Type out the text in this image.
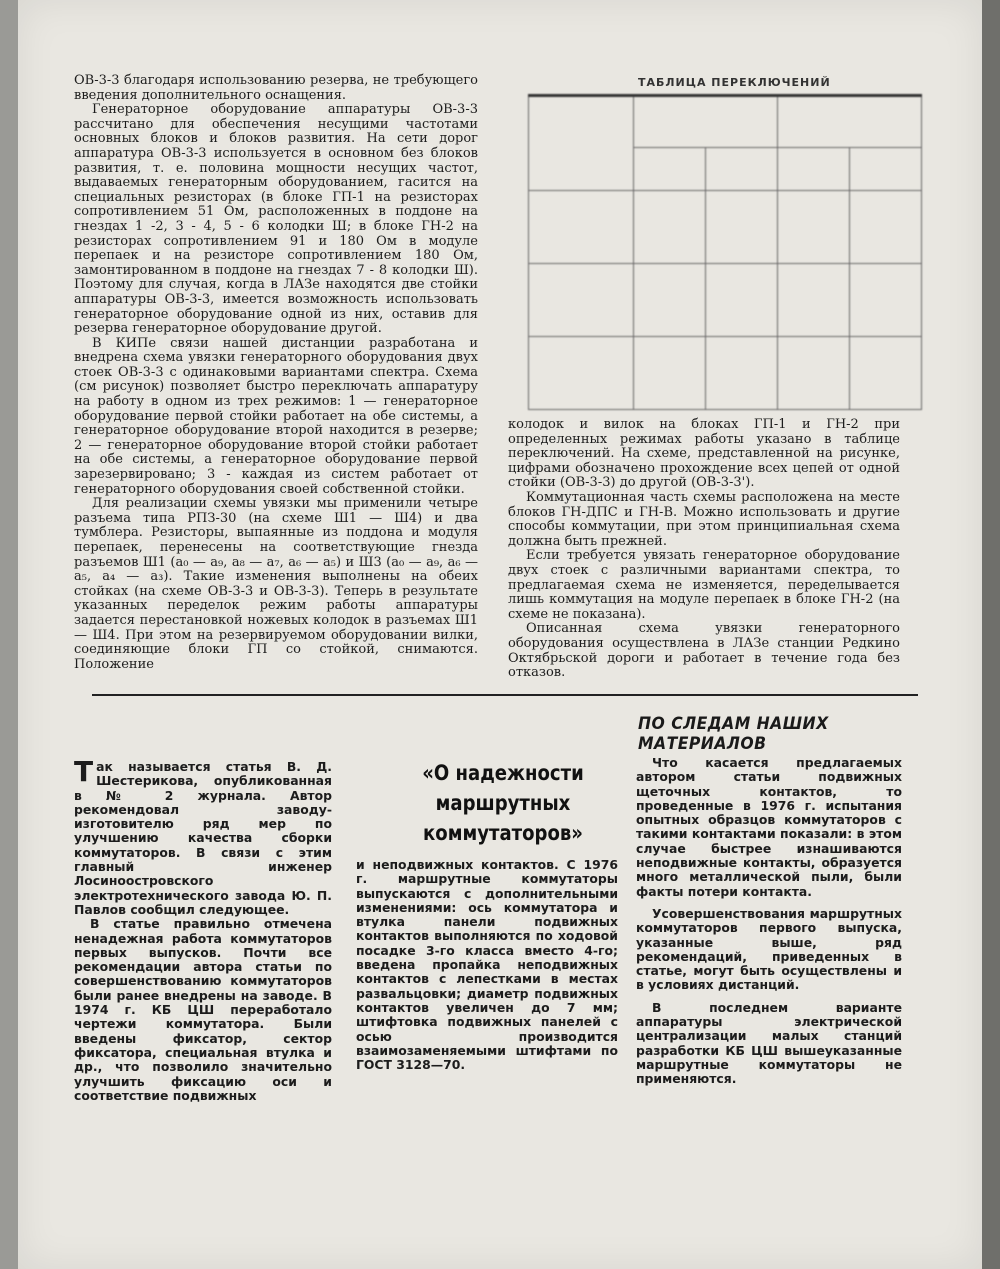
ОВ-3-3 благодаря использованию резерва, не требующего введения дополнительного оснащения.

Генераторное оборудование аппаратуры ОВ-3-3 рассчитано для обеспечения несущими частотами основных блоков и блоков развития. На сети дорог аппаратура ОВ-3-3 используется в основном без блоков развития, т. е. половина мощности несущих частот, выдаваемых генераторным оборудованием, гасится на специальных резисторах (в блоке ГП-1 на резисторах сопротивлением 51 Ом, расположенных в поддоне на гнездах 1 -2, 3 - 4, 5 - 6 колодки Ш; в блоке ГН-2 на резисторах сопротивлением 91 и 180 Ом в модуле перепаек и на резисторе сопротивлением 180 Ом, замонтированном в поддоне на гнездах 7 - 8 колодки Ш). Поэтому для случая, когда в ЛАЗе находятся две стойки аппаратуры ОВ-3-3, имеется возможность использовать генераторное оборудование одной из них, оставив для резерва генераторное оборудование другой.

В КИПе связи нашей дистанции разработана и внедрена схема увязки генераторного оборудования двух стоек ОВ-3-3 с одинаковыми вариантами спектра. Схема (см рисунок) позволяет быстро переключать аппаратуру на работу в одном из трех режимов: 1 — генераторное оборудование первой стойки работает на обе системы, а генераторное оборудование второй находится в резерве; 2 — генераторное оборудование второй стойки работает на обе системы, а генераторное оборудование первой зарезервировано; 3 - каждая из систем работает от генераторного оборудования своей собственной стойки.

Для реализации схемы увязки мы применили четыре разъема типа РПЗ-30 (на схеме Ш1 — Ш4) и два тумблера. Резисторы, выпаянные из поддона и модуля перепаек, перенесены на соответствующие гнезда разъемов Ш1 (а₀ — а₉, а₈ — а₇, а₆ — а₅) и Ш3 (а₀ — а₉, а₆ — а₅, а₄ — а₃). Такие изменения выполнены на обеих стойках (на схеме ОВ-3-3 и ОВ-3-3). Теперь в результате указанных переделок режим работы аппаратуры задается перестановкой ножевых колодок в разъемах Ш1 — Ш4. При этом на резервируемом оборудовании вилки, соединяющие блоки ГП со стойкой, снимаются. Положение

ТАБЛИЦА ПЕРЕКЛЮЧЕНИЙ

колодок и вилок на блоках ГП-1 и ГН-2 при определенных режимах работы указано в таблице переключений. На схеме, представленной на рисунке, цифрами обозначено прохождение всех цепей от одной стойки (ОВ-3-3) до другой (ОВ-3-3').

Коммутационная часть схемы расположена на месте блоков ГН-ДПС и ГН-В. Можно использовать и другие способы коммутации, при этом принципиальная схема должна быть прежней.

Если требуется увязать генераторное оборудование двух стоек с различными вариантами спектра, то предлагаемая схема не изменяется, переделывается лишь коммутация на модуле перепаек в блоке ГН-2 (на схеме не показана).

Описанная схема увязки генераторного оборудования осуществлена в ЛАЗе станции Редкино Октябрьской дороги и работает в течение года без отказов.

ПО СЛЕДАМ НАШИХ МАТЕРИАЛОВ

Так называется статья В. Д. Шестерикова, опубликованная в № 2 журнала. Автор рекомендовал заводу-изготовителю ряд мер по улучшению качества сборки коммутаторов. В связи с этим главный инженер Лосиноостровского электротехнического завода Ю. П. Павлов сообщил следующее.

В статье правильно отмечена ненадежная работа коммутаторов первых выпусков. Почти все рекомендации автора статьи по совершенствованию коммутаторов были ранее внедрены на заводе. В 1974 г. КБ ЦШ переработало чертежи коммутатора. Были введены фиксатор, сектор фиксатора, специальная втулка и др., что позволило значительно улучшить фиксацию оси и соответствие подвижных

«О надежности маршрутных коммутаторов»

и неподвижных контактов. С 1976 г. маршрутные коммутаторы выпускаются с дополнительными изменениями: ось коммутатора и втулка панели подвижных контактов выполняются по ходовой посадке 3-го класса вместо 4-го; введена пропайка неподвижных контактов с лепестками в местах развальцовки; диаметр подвижных контактов увеличен до 7 мм; штифтовка подвижных панелей с осью производится взаимозаменяемыми штифтами по ГОСТ 3128—70.

Что касается предлагаемых автором статьи подвижных щеточных контактов, то проведенные в 1976 г. испытания опытных образцов коммутаторов с такими контактами показали: в этом случае быстрее изнашиваются неподвижные контакты, образуется много металлической пыли, были факты потери контакта.

Усовершенствования маршрутных коммутаторов первого выпуска, указанные выше, ряд рекомендаций, приведенных в статье, могут быть осуществлены и в условиях дистанций.

В последнем варианте аппаратуры электрической централизации малых станций разработки КБ ЦШ вышеуказанные маршрутные коммутаторы не применяются.
